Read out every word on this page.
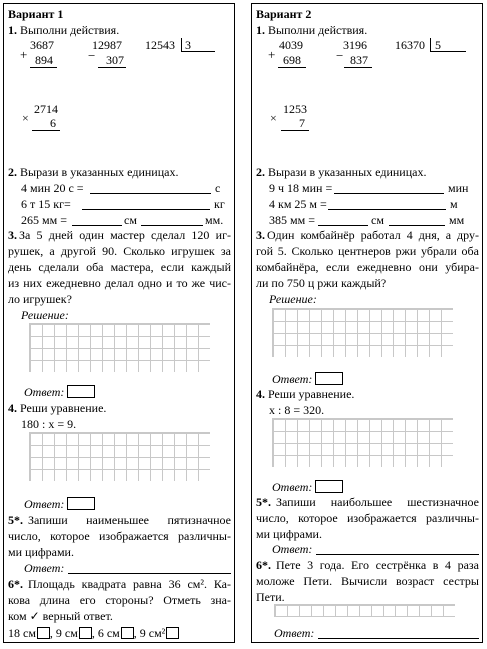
Вариант 1
1. Выполни действия.
3687
+ 894
12987
− 307
12543 3
2714
× 6
2. Вырази в указанных единицах.
4 мин 20 с =	с
6 т 15 кг=	кг
265 мм =	см	мм.
3. За 5 дней один мастер сделал 120 иг-
рушек, а другой 90. Сколько игрушек за
день сделали оба мастера, если каждый
из них ежедневно делал одно и то же чис-
ло игрушек?
Решение:
Ответ:
4. Реши уравнение.
180 : x = 9.
Ответ:
5*. Запиши наименьшее пятизначное
число, которое изображается различны-
ми цифрами.
Ответ:
6*. Площадь квадрата равна 36 см². Ка-
кова длина его стороны? Отметь зна-
ком ✓ верный ответ.
18 см , 9 см , 6 см , 9 см²
Вариант 2
1. Выполни действия.
4039
+ 698
3196
− 837
16370 5
1253
× 7
2. Вырази в указанных единицах.
9 ч 18 мин =	мин
4 км 25 м =	м
385 мм =	см	мм
3. Один комбайнёр работал 4 дня, а дру-
гой 5. Сколько центнеров ржи убрали оба
комбайнёра, если ежедневно они убира-
ли по 750 ц ржи каждый?
Решение:
Ответ:
4. Реши уравнение.
x : 8 = 320.
Ответ:
5*. Запиши наибольшее шестизначное
число, которое изображается различны-
ми цифрами.
Ответ:
6*. Пете 3 года. Его сестрёнка в 4 раза
моложе Пети. Вычисли возраст сестры
Пети.
Ответ:
